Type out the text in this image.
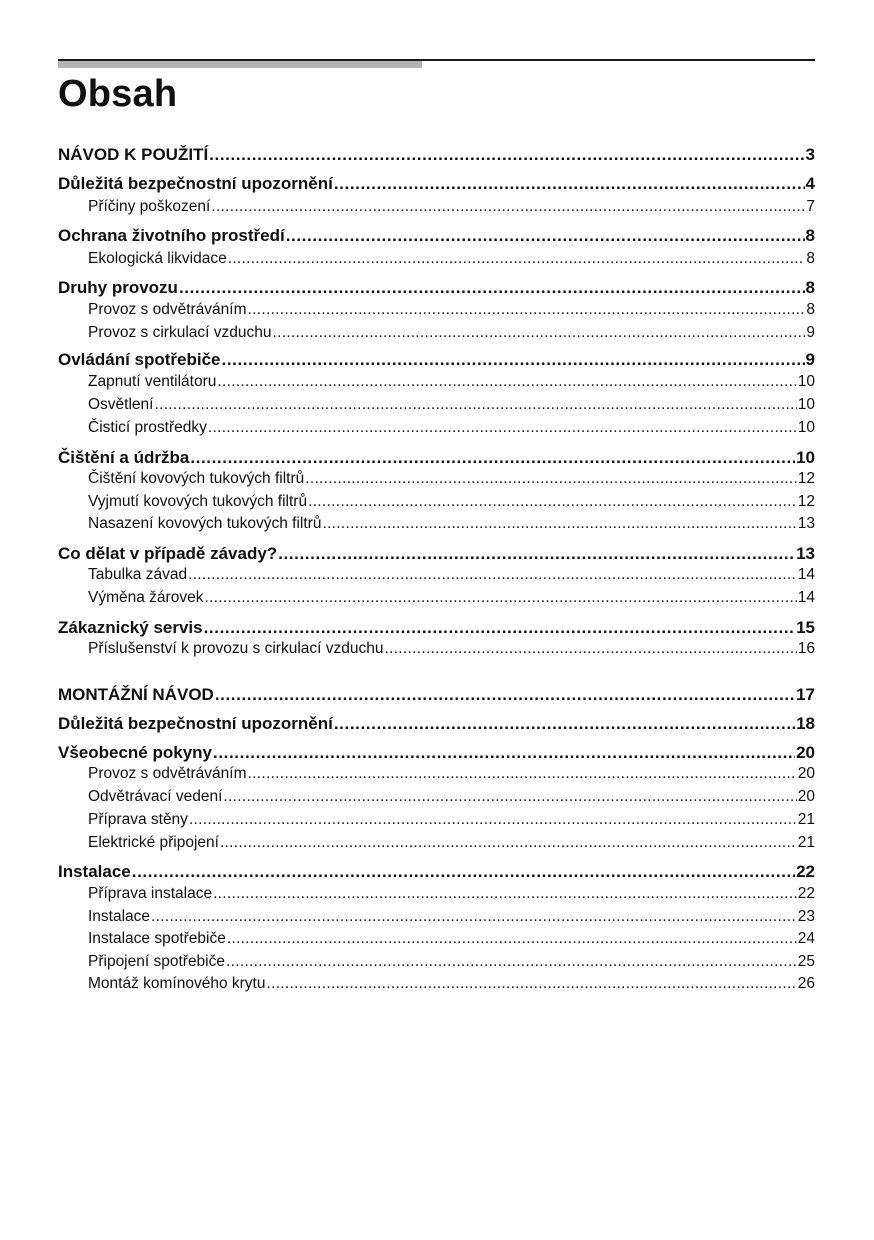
Obsah
NÁVOD K POUŽITÍ .....	3
Důležitá bezpečnostní upozornění .....	4
Příčiny poškození .....	7
Ochrana životního prostředí .....	8
Ekologická likvidace .....	8
Druhy provozu .....	8
Provoz s odvětráváním .....	8
Provoz s cirkulací vzduchu .....	9
Ovládání spotřebiče .....	9
Zapnutí ventilátoru .....	10
Osvětlení .....	10
Čisticí prostředky .....	10
Čištění a údržba .....	10
Čištění kovových tukových filtrů .....	12
Vyjmutí kovových tukových filtrů .....	12
Nasazení kovových tukových filtrů .....	13
Co dělat v případě závady? .....	13
Tabulka závad .....	14
Výměna žárovek .....	14
Zákaznický servis .....	15
Příslušenství k provozu s cirkulací vzduchu .....	16
MONTÁŽNÍ NÁVOD .....	17
Důležitá bezpečnostní upozornění .....	18
Všeobecné pokyny .....	20
Provoz s odvětráváním .....	20
Odvětrávací vedení .....	20
Příprava stěny .....	21
Elektrické připojení .....	21
Instalace .....	22
Příprava instalace .....	22
Instalace .....	23
Instalace spotřebiče .....	24
Připojení spotřebiče .....	25
Montáž komínového krytu .....	26
